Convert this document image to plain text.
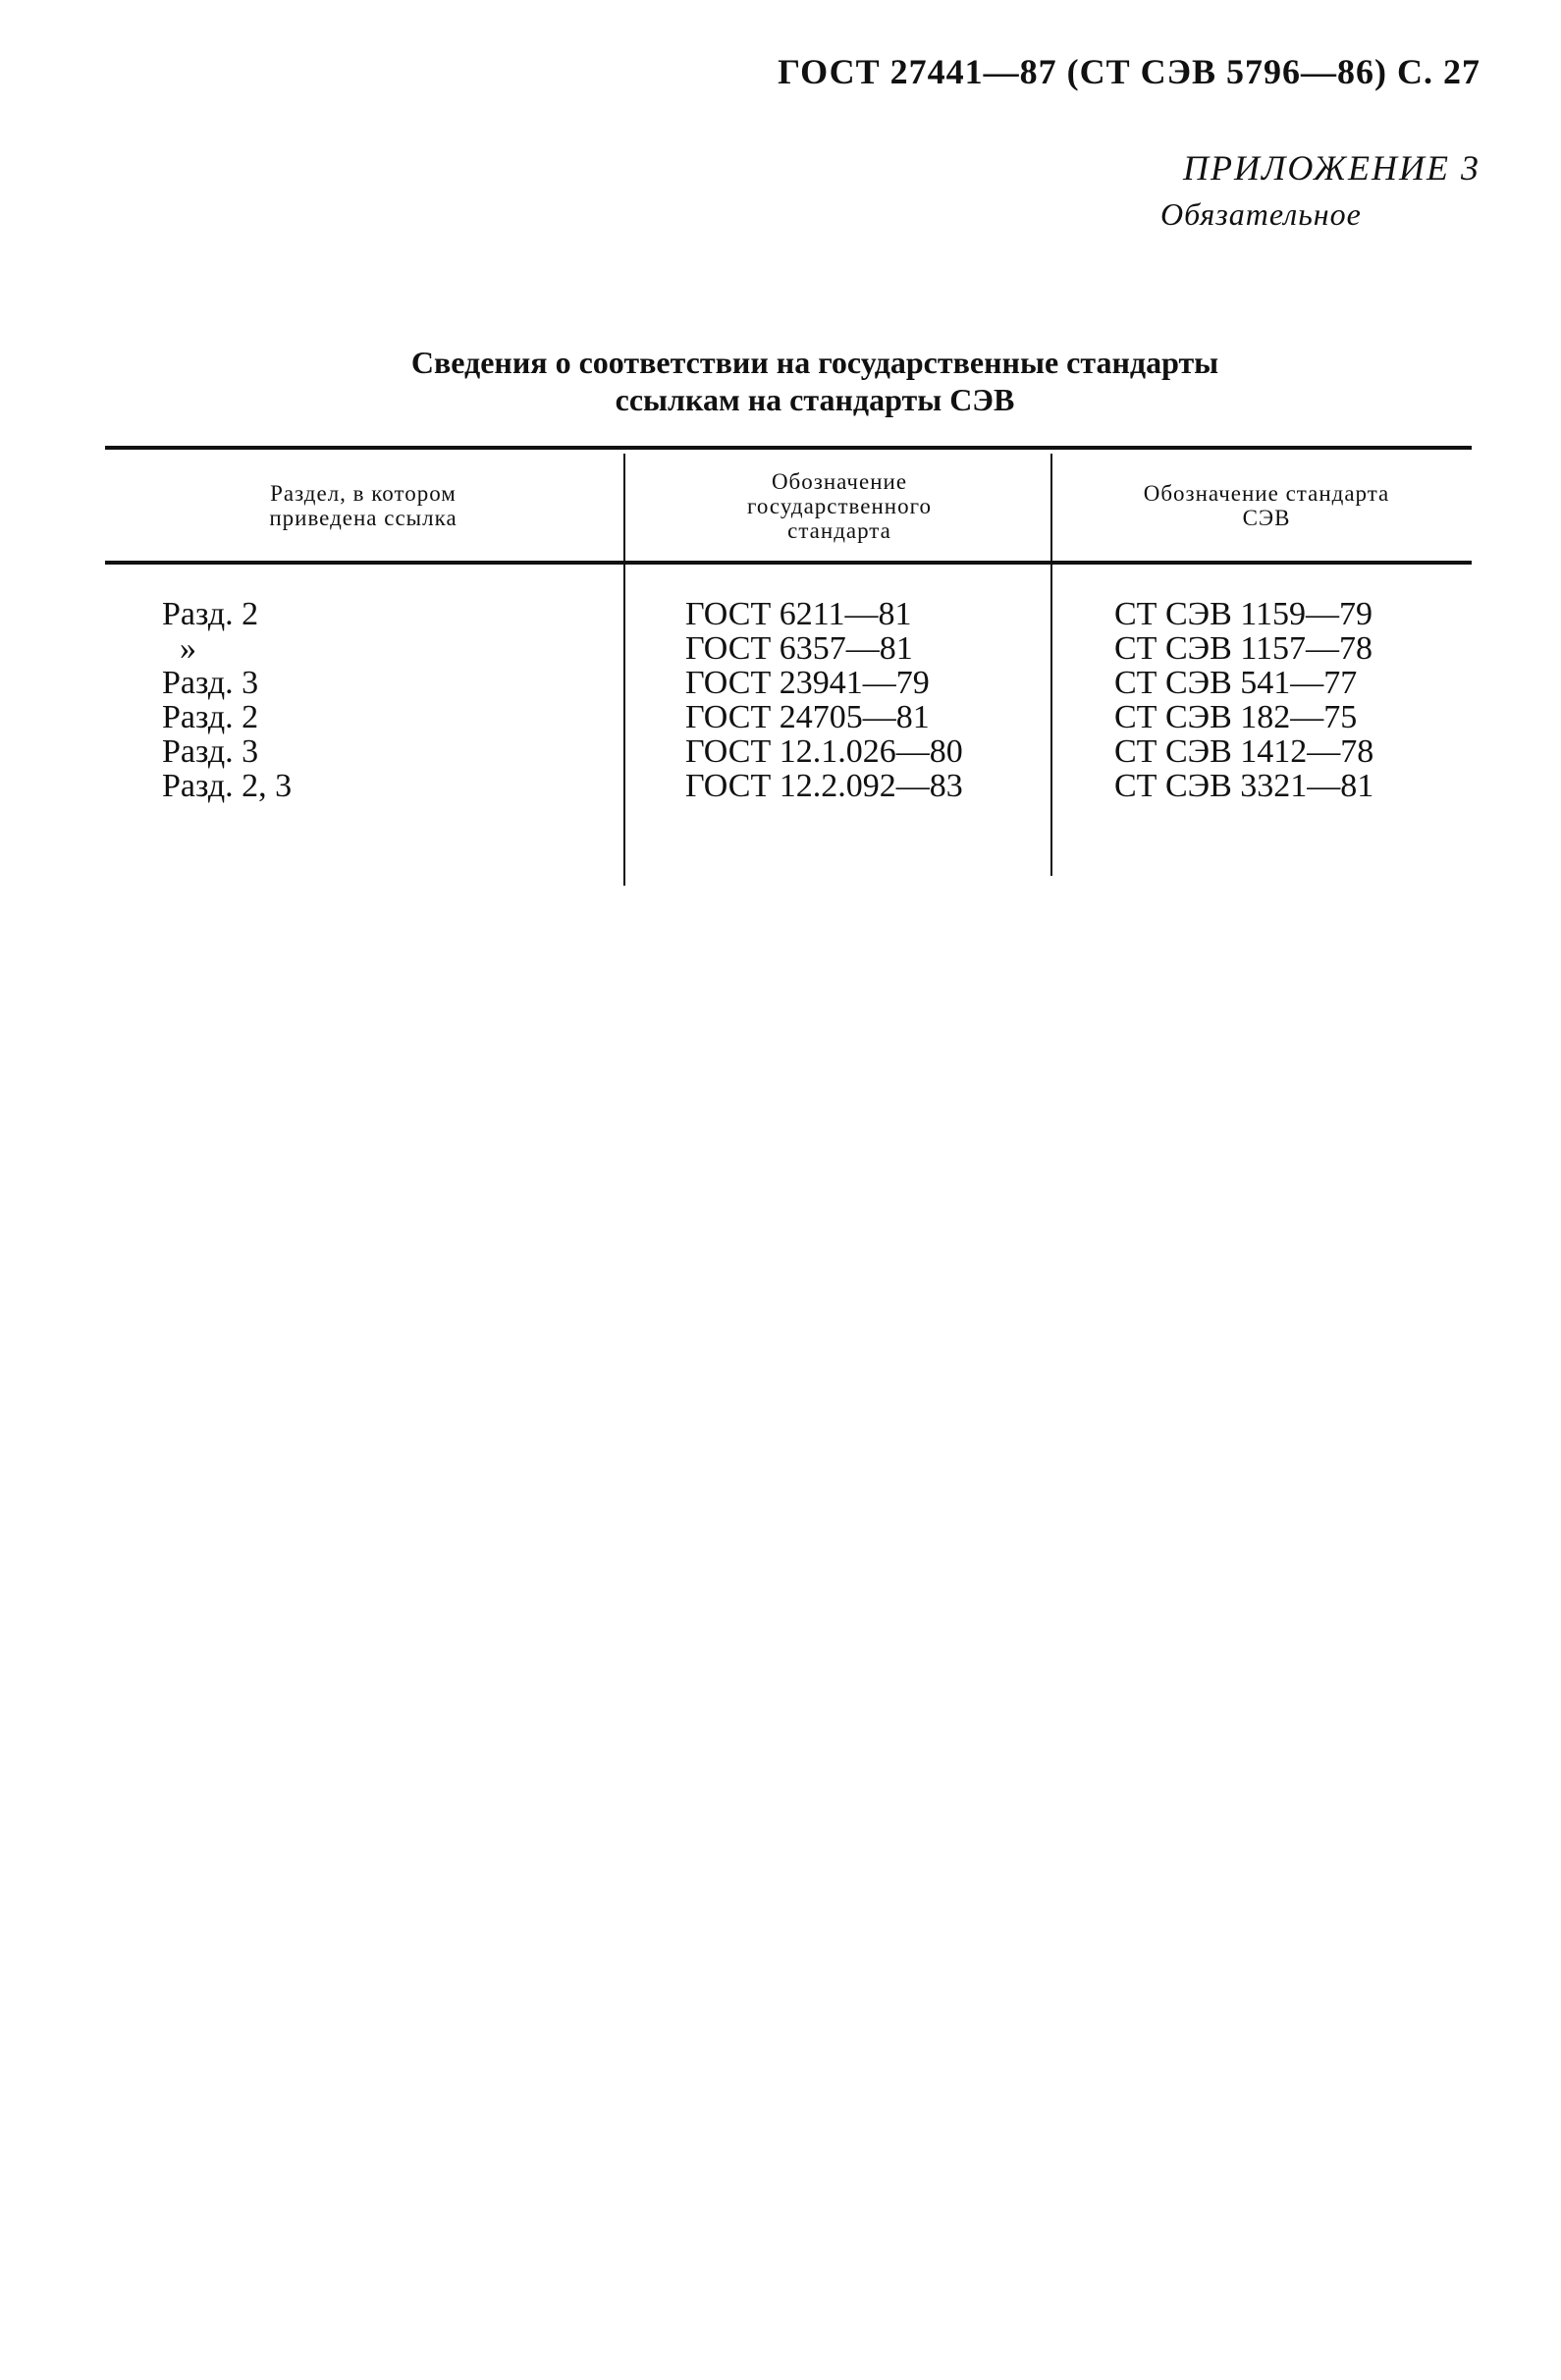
ГОСТ 27441—87 (СТ СЭВ 5796—86) С. 27
ПРИЛОЖЕНИЕ 3
Обязательное
Сведения о соответствии на государственные стандарты
ссылкам на стандарты СЭВ
Раздел, в котором
приведена ссылка
Обозначение
государственного
стандарта
Обозначение стандарта
СЭВ
Разд. 2
»
Разд. 3
Разд. 2
Разд. 3
Разд. 2, 3
ГОСТ 6211—81
ГОСТ 6357—81
ГОСТ 23941—79
ГОСТ 24705—81
ГОСТ 12.1.026—80
ГОСТ 12.2.092—83
СТ СЭВ 1159—79
СТ СЭВ 1157—78
СТ СЭВ 541—77
СТ СЭВ 182—75
СТ СЭВ 1412—78
СТ СЭВ 3321—81
